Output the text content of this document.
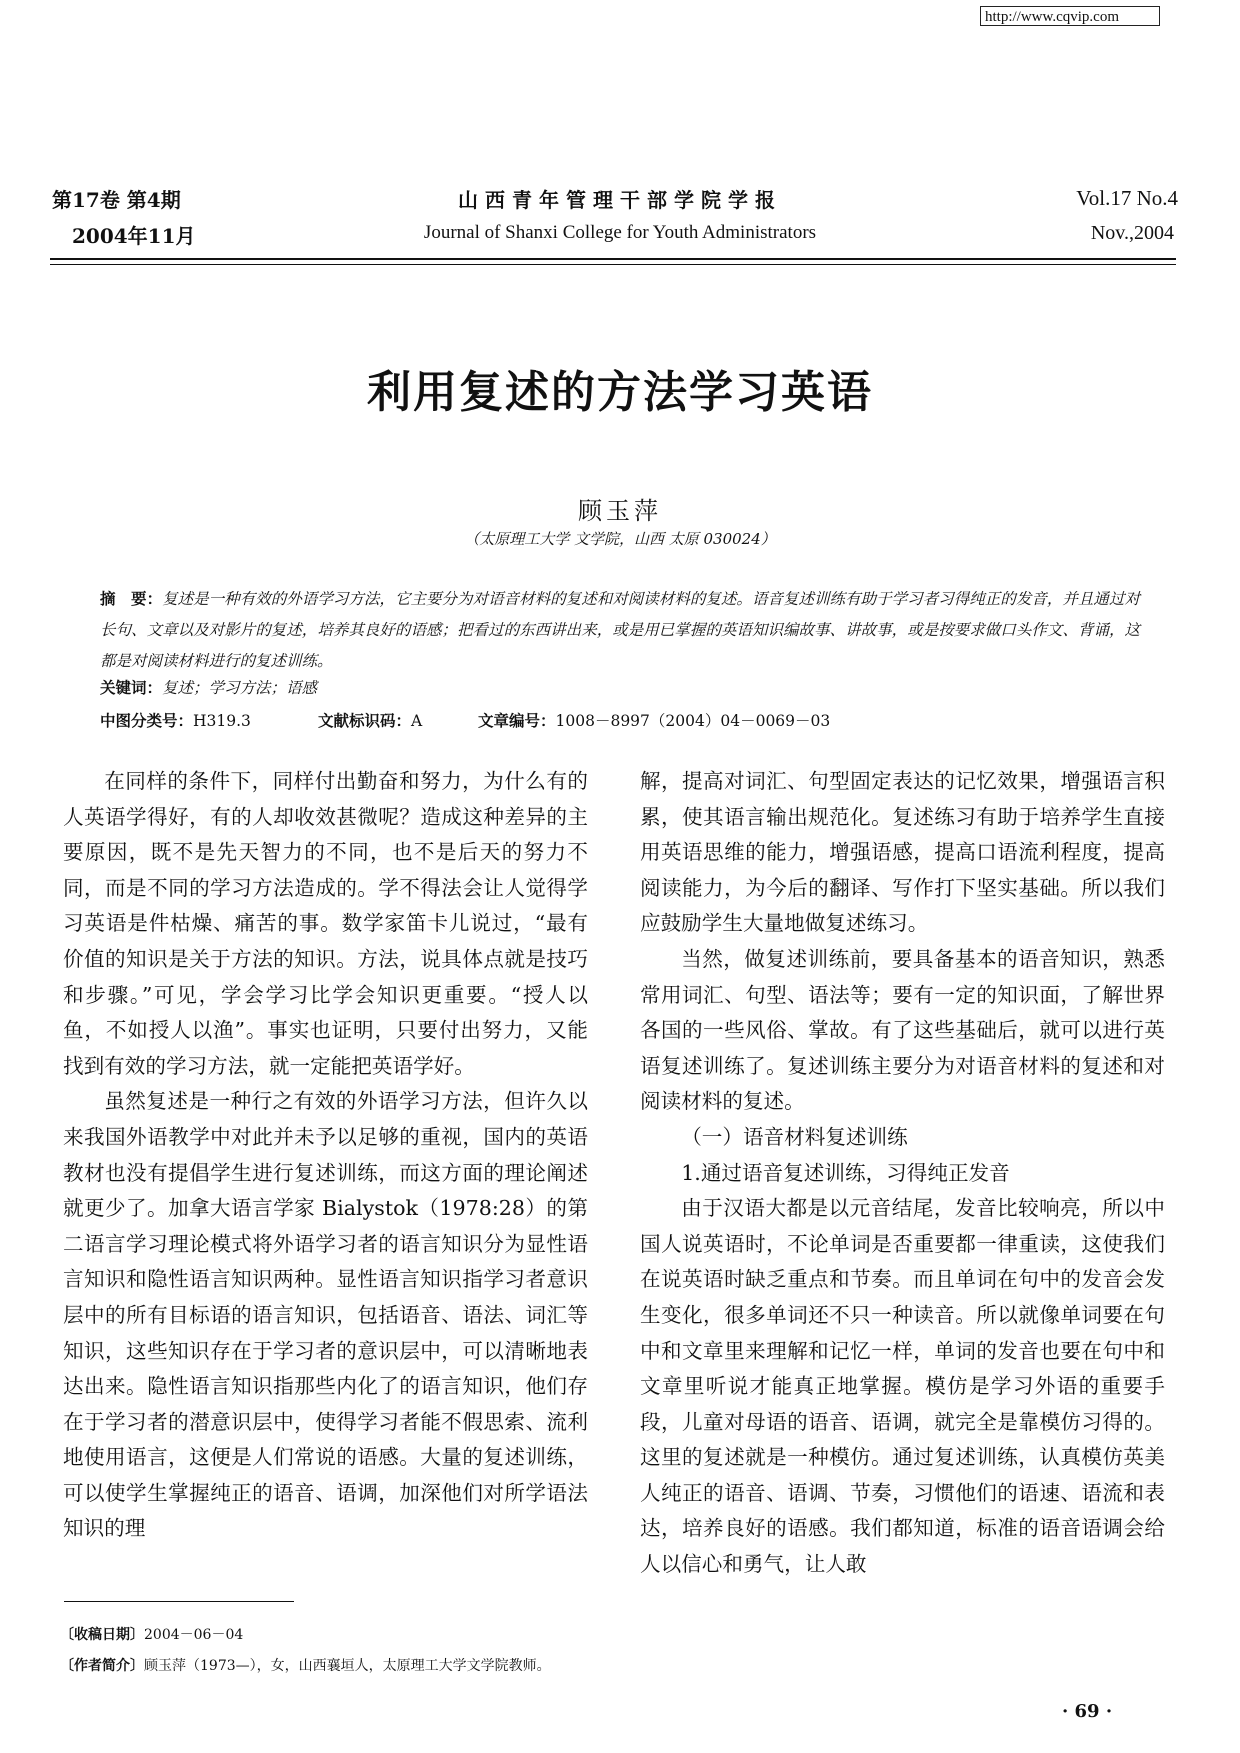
http://www.cqvip.com
第17卷 第4期
2004年11月
山西青年管理干部学院学报
Journal of Shanxi College for Youth Administrators
Vol.17 No.4
Nov.,2004
利用复述的方法学习英语
顾玉萍
（太原理工大学 文学院，山西 太原 030024）
摘　要：复述是一种有效的外语学习方法，它主要分为对语音材料的复述和对阅读材料的复述。语音复述训练有助于学习者习得纯正的发音，并且通过对长句、文章以及对影片的复述，培养其良好的语感；把看过的东西讲出来，或是用已掌握的英语知识编故事、讲故事，或是按要求做口头作文、背诵，这都是对阅读材料进行的复述训练。
关键词：复述；学习方法；语感
中图分类号：H319.3	文献标识码：A	文章编号：1008－8997（2004）04－0069－03

在同样的条件下，同样付出勤奋和努力，为什么有的人英语学得好，有的人却收效甚微呢？造成这种差异的主要原因，既不是先天智力的不同，也不是后天的努力不同，而是不同的学习方法造成的。学不得法会让人觉得学习英语是件枯燥、痛苦的事。数学家笛卡儿说过，“最有价值的知识是关于方法的知识。方法，说具体点就是技巧和步骤。”可见，学会学习比学会知识更重要。“授人以鱼，不如授人以渔”。事实也证明，只要付出努力，又能找到有效的学习方法，就一定能把英语学好。

虽然复述是一种行之有效的外语学习方法，但许久以来我国外语教学中对此并未予以足够的重视，国内的英语教材也没有提倡学生进行复述训练，而这方面的理论阐述就更少了。加拿大语言学家 Bialystok（1978:28）的第二语言学习理论模式将外语学习者的语言知识分为显性语言知识和隐性语言知识两种。显性语言知识指学习者意识层中的所有目标语的语言知识，包括语音、语法、词汇等知识，这些知识存在于学习者的意识层中，可以清晰地表达出来。隐性语言知识指那些内化了的语言知识，他们存在于学习者的潜意识层中，使得学习者能不假思索、流利地使用语言，这便是人们常说的语感。大量的复述训练，可以使学生掌握纯正的语音、语调，加深他们对所学语法知识的理

解，提高对词汇、句型固定表达的记忆效果，增强语言积累，使其语言输出规范化。复述练习有助于培养学生直接用英语思维的能力，增强语感，提高口语流利程度，提高阅读能力，为今后的翻译、写作打下坚实基础。所以我们应鼓励学生大量地做复述练习。

当然，做复述训练前，要具备基本的语音知识，熟悉常用词汇、句型、语法等；要有一定的知识面，了解世界各国的一些风俗、掌故。有了这些基础后，就可以进行英语复述训练了。复述训练主要分为对语音材料的复述和对阅读材料的复述。

（一）语音材料复述训练

1.通过语音复述训练，习得纯正发音

由于汉语大都是以元音结尾，发音比较响亮，所以中国人说英语时，不论单词是否重要都一律重读，这使我们在说英语时缺乏重点和节奏。而且单词在句中的发音会发生变化，很多单词还不只一种读音。所以就像单词要在句中和文章里来理解和记忆一样，单词的发音也要在句中和文章里听说才能真正地掌握。模仿是学习外语的重要手段，儿童对母语的语音、语调，就完全是靠模仿习得的。这里的复述就是一种模仿。通过复述训练，认真模仿英美人纯正的语音、语调、节奏，习惯他们的语速、语流和表达，培养良好的语感。我们都知道，标准的语音语调会给人以信心和勇气，让人敢

〔收稿日期〕2004－06－04
〔作者简介〕顾玉萍（1973—），女，山西襄垣人，太原理工大学文学院教师。
· 69 ·
